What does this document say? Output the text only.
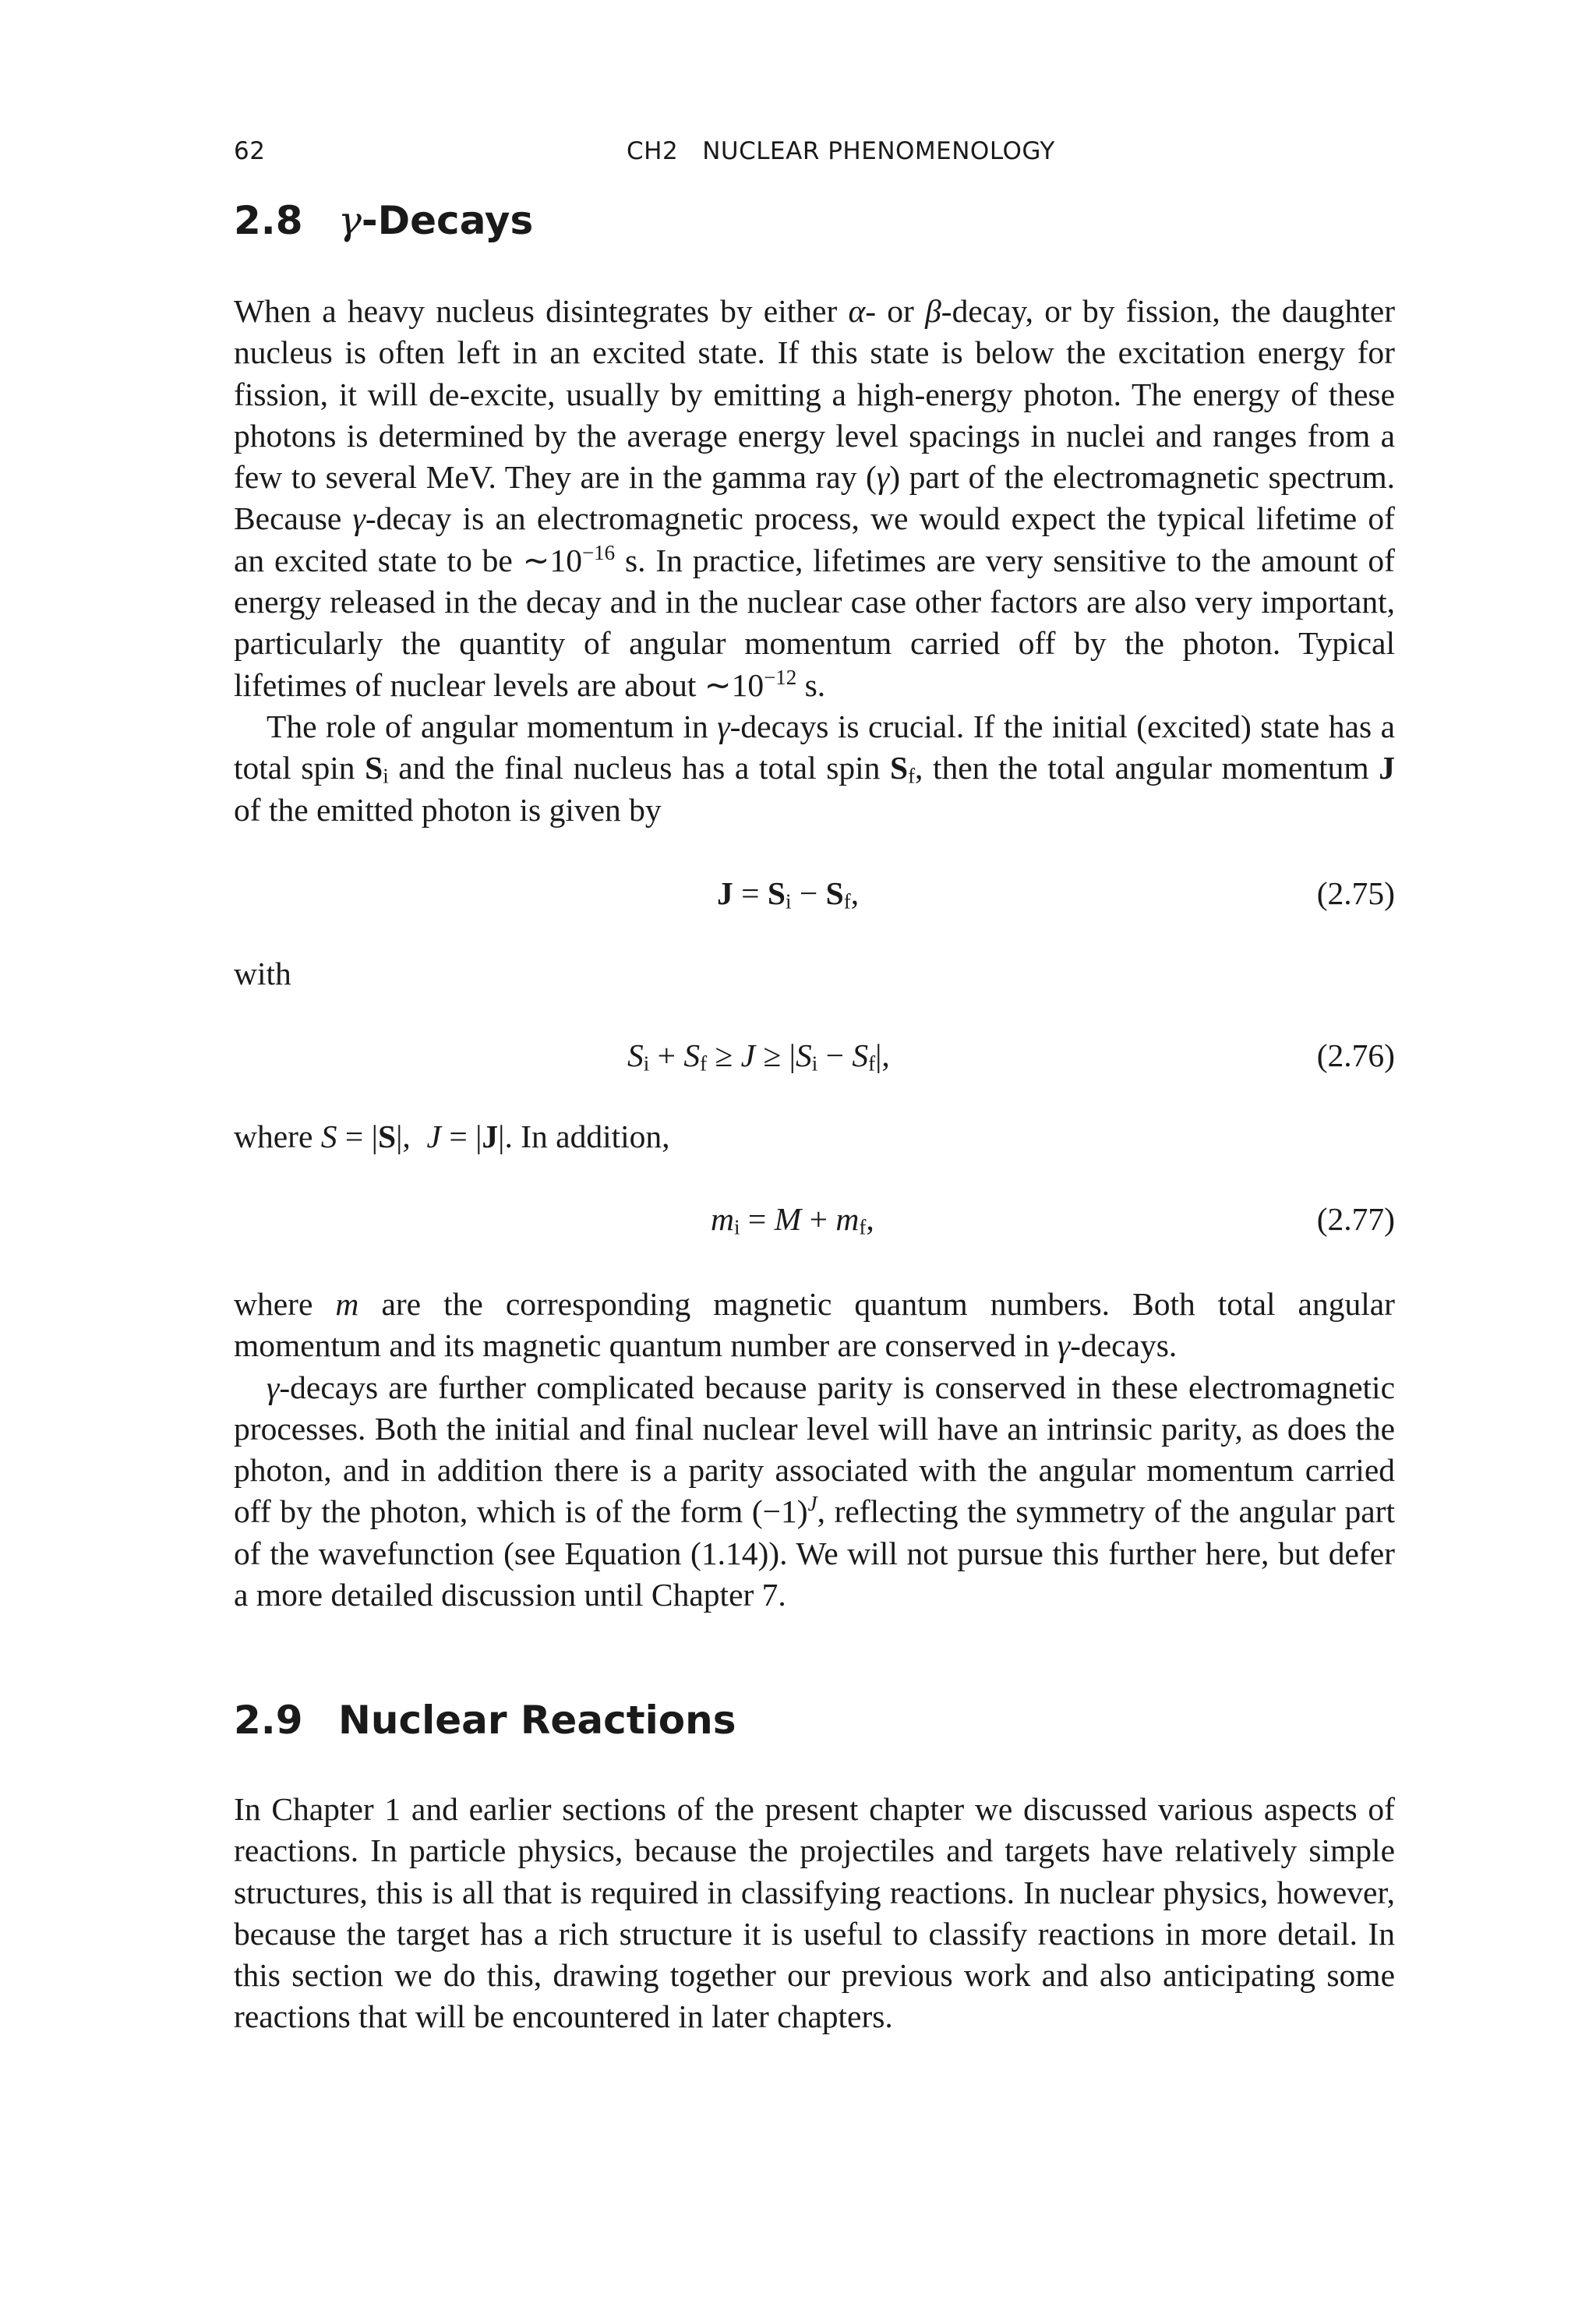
62	CH2   NUCLEAR PHENOMENOLOGY
2.8 γ-Decays

When a heavy nucleus disintegrates by either α- or β-decay, or by fission, the daughter nucleus is often left in an excited state. If this state is below the excitation energy for fission, it will de-excite, usually by emitting a high-energy photon. The energy of these photons is determined by the average energy level spacings in nuclei and ranges from a few to several MeV. They are in the gamma ray (γ) part of the electromagnetic spectrum. Because γ-decay is an electromagnetic process, we would expect the typical lifetime of an excited state to be $\sim 10^{-16}$ s. In practice, lifetimes are very sensitive to the amount of energy released in the decay and in the nuclear case other factors are also very important, particularly the quantity of angular momentum carried off by the photon. Typical lifetimes of nuclear levels are about $\sim 10^{-12}$ s.

The role of angular momentum in γ-decays is crucial. If the initial (excited) state has a total spin $S_i$ and the final nucleus has a total spin $S_f$, then the total angular momentum J of the emitted photon is given by

$J = S_i - S_f$,	(2.75)
with
$S_i + S_f \ge J \ge |S_i - S_f|$,	(2.76)
where S = |S|,  J = |J|. In addition,
$m_i = M + m_f$,	(2.77)

where m are the corresponding magnetic quantum numbers. Both total angular momentum and its magnetic quantum number are conserved in γ-decays.

γ-decays are further complicated because parity is conserved in these electromagnetic processes. Both the initial and final nuclear level will have an intrinsic parity, as does the photon, and in addition there is a parity associated with the angular momentum carried off by the photon, which is of the form $(-1)^J$, reflecting the symmetry of the angular part of the wavefunction (see Equation (1.14)). We will not pursue this further here, but defer a more detailed discussion until Chapter 7.

2.9 Nuclear Reactions

In Chapter 1 and earlier sections of the present chapter we discussed various aspects of reactions. In particle physics, because the projectiles and targets have relatively simple structures, this is all that is required in classifying reactions. In nuclear physics, however, because the target has a rich structure it is useful to classify reactions in more detail. In this section we do this, drawing together our previous work and also anticipating some reactions that will be encountered in later chapters.
